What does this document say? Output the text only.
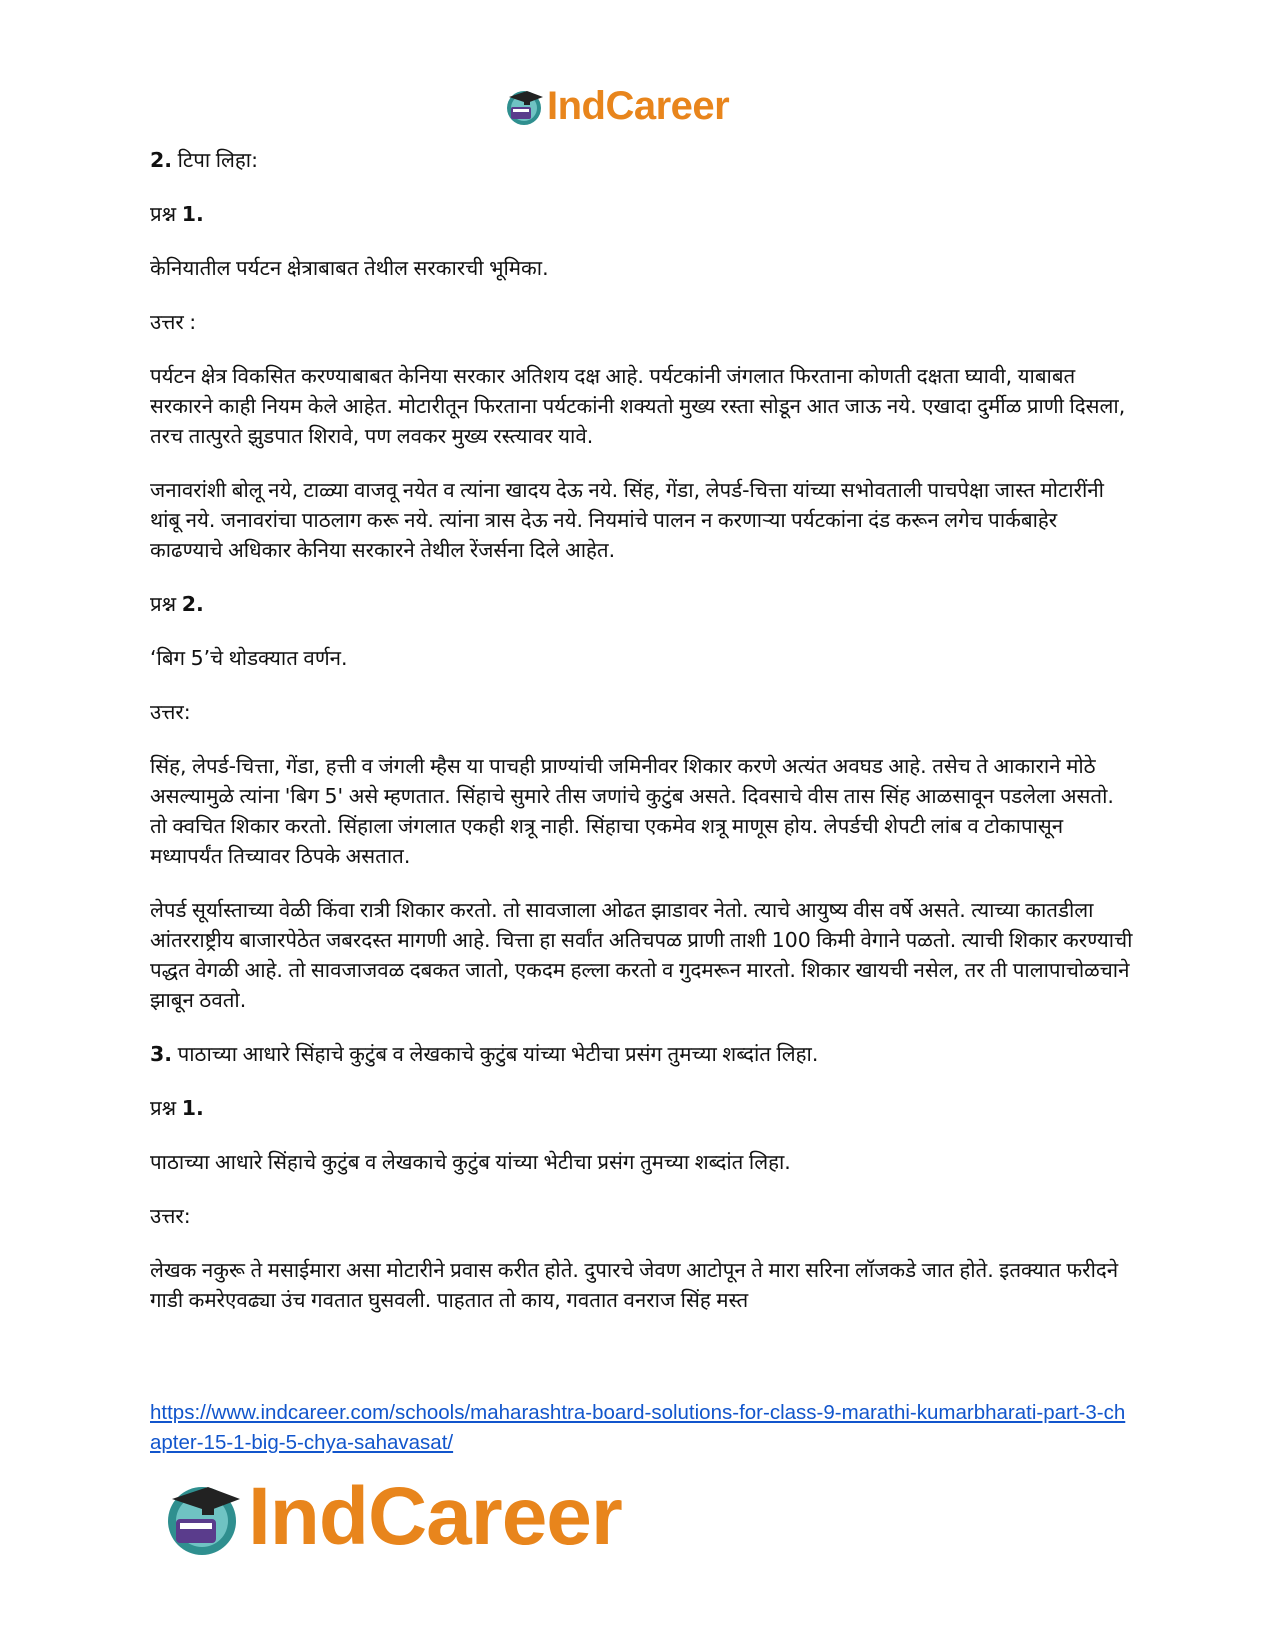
IndCareer

2. टिपा लिहा:

प्रश्न 1.

केनियातील पर्यटन क्षेत्राबाबत तेथील सरकारची भूमिका.

उत्तर :

पर्यटन क्षेत्र विकसित करण्याबाबत केनिया सरकार अतिशय दक्ष आहे. पर्यटकांनी जंगलात फिरताना कोणती दक्षता घ्यावी, याबाबत सरकारने काही नियम केले आहेत. मोटारीतून फिरताना पर्यटकांनी शक्यतो मुख्य रस्ता सोडून आत जाऊ नये. एखादा दुर्मीळ प्राणी दिसला, तरच तात्पुरते झुडपात शिरावे, पण लवकर मुख्य रस्त्यावर यावे.

जनावरांशी बोलू नये, टाळ्या वाजवू नयेत व त्यांना खादय देऊ नये. सिंह, गेंडा, लेपर्ड-चित्ता यांच्या सभोवताली पाचपेक्षा जास्त मोटारींनी थांबू नये. जनावरांचा पाठलाग करू नये. त्यांना त्रास देऊ नये. नियमांचे पालन न करणाऱ्या पर्यटकांना दंड करून लगेच पार्कबाहेर काढण्याचे अधिकार केनिया सरकारने तेथील रेंजर्सना दिले आहेत.

प्रश्न 2.

‘बिग 5’चे थोडक्यात वर्णन.

उत्तर:

सिंह, लेपर्ड-चित्ता, गेंडा, हत्ती व जंगली म्हैस या पाचही प्राण्यांची जमिनीवर शिकार करणे अत्यंत अवघड आहे. तसेच ते आकाराने मोठे असल्यामुळे त्यांना 'बिग 5' असे म्हणतात. सिंहाचे सुमारे तीस जणांचे कुटुंब असते. दिवसाचे वीस तास सिंह आळसावून पडलेला असतो. तो क्वचित शिकार करतो. सिंहाला जंगलात एकही शत्रू नाही. सिंहाचा एकमेव शत्रू माणूस होय. लेपर्डची शेपटी लांब व टोकापासून मध्यापर्यंत तिच्यावर ठिपके असतात.

लेपर्ड सूर्यास्ताच्या वेळी किंवा रात्री शिकार करतो. तो सावजाला ओढत झाडावर नेतो. त्याचे आयुष्य वीस वर्षे असते. त्याच्या कातडीला आंतरराष्ट्रीय बाजारपेठेत जबरदस्त मागणी आहे. चित्ता हा सर्वांत अतिचपळ प्राणी ताशी 100 किमी वेगाने पळतो. त्याची शिकार करण्याची पद्धत वेगळी आहे. तो सावजाजवळ दबकत जातो, एकदम हल्ला करतो व गुदमरून मारतो. शिकार खायची नसेल, तर ती पालापाचोळचाने झाबून ठवतो.

3. पाठाच्या आधारे सिंहाचे कुटुंब व लेखकाचे कुटुंब यांच्या भेटीचा प्रसंग तुमच्या शब्दांत लिहा.

प्रश्न 1.

पाठाच्या आधारे सिंहाचे कुटुंब व लेखकाचे कुटुंब यांच्या भेटीचा प्रसंग तुमच्या शब्दांत लिहा.

उत्तर:

लेखक नकुरू ते मसाईमारा असा मोटारीने प्रवास करीत होते. दुपारचे जेवण आटोपून ते मारा सरिना लॉजकडे जात होते. इतक्यात फरीदने गाडी कमरेएवढ्या उंच गवतात घुसवली. पाहतात तो काय, गवतात वनराज सिंह मस्त

https://www.indcareer.com/schools/maharashtra-board-solutions-for-class-9-marathi-kumarbharati-part-3-chapter-15-1-big-5-chya-sahavasat/
IndCareer
